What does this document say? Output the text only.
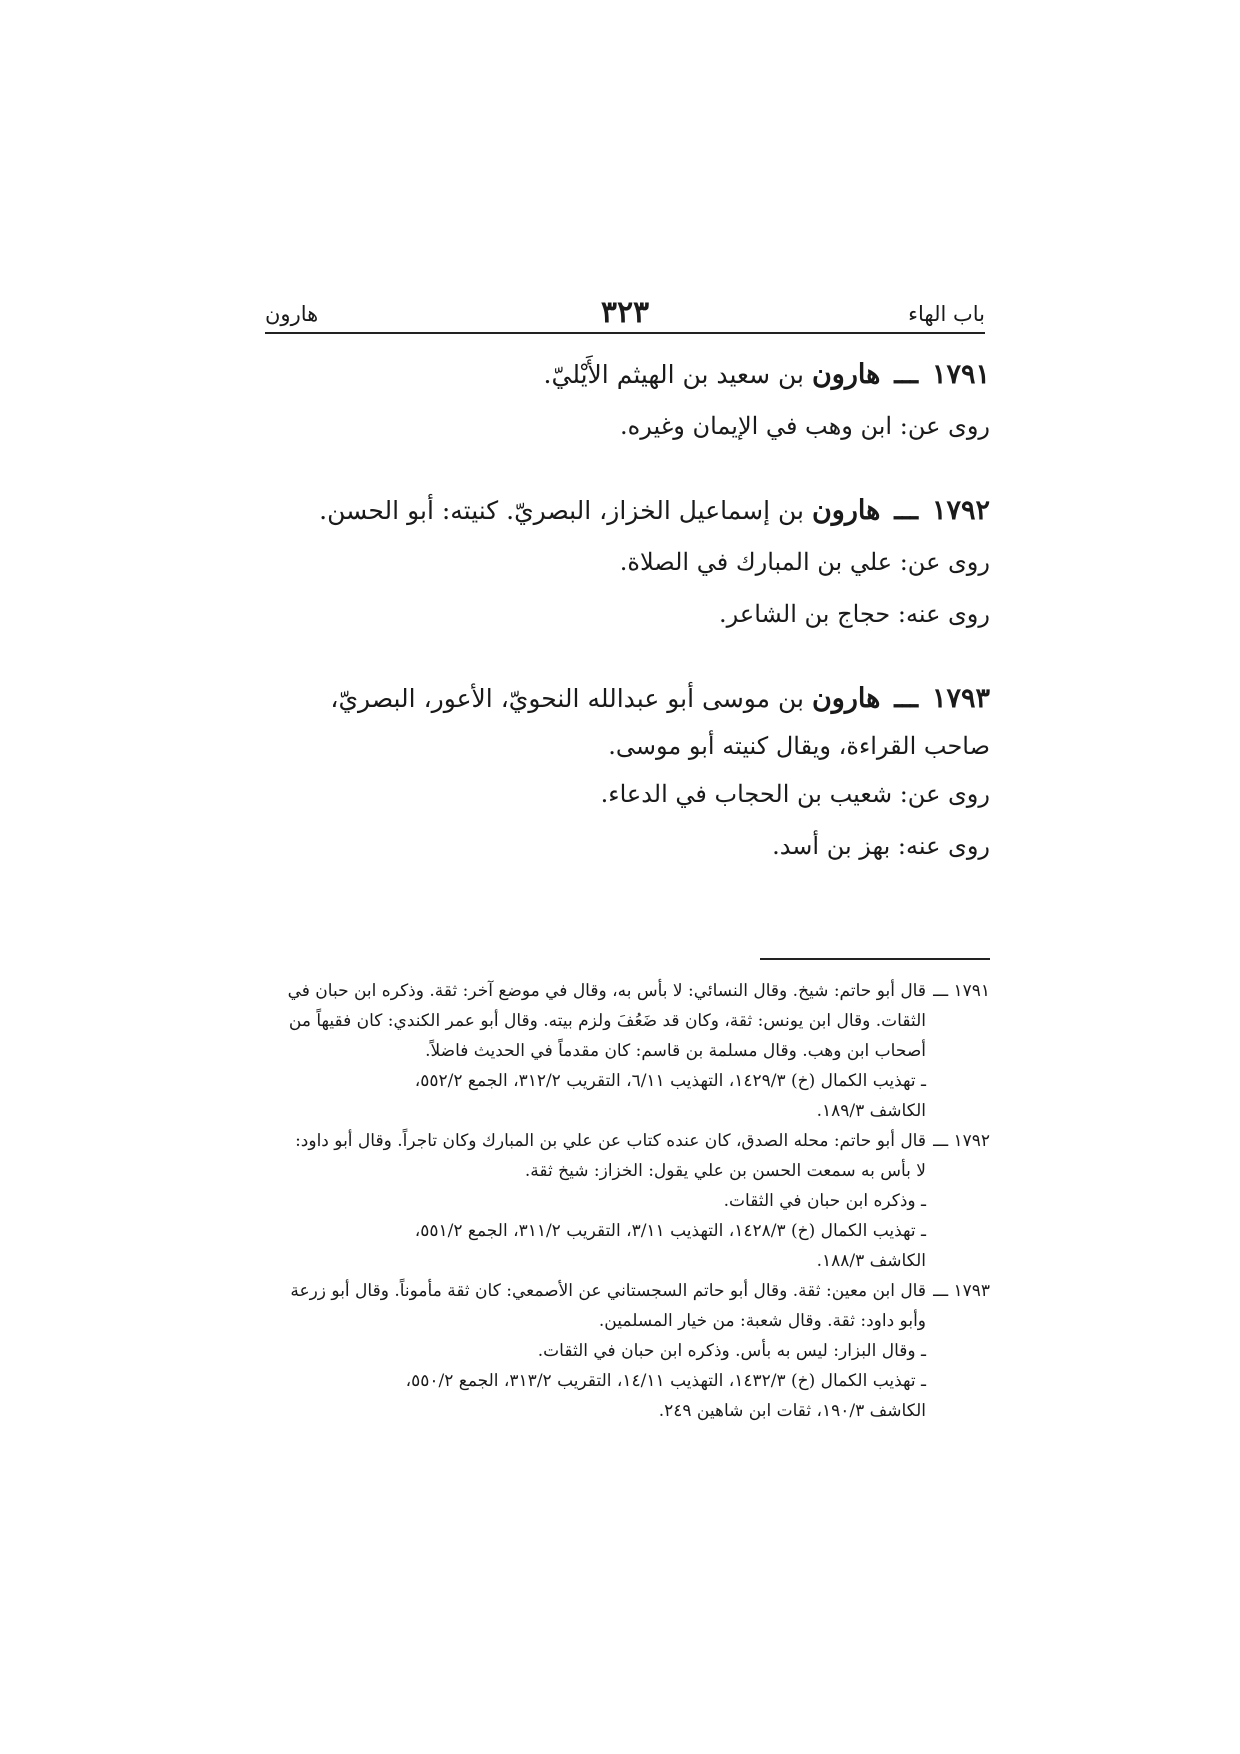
باب الهاء
٣٢٣
هارون
١٧٩١ ـــ هارون بن سعيد بن الهيثم الأَيْليّ.
روى عن: ابن وهب في الإيمان وغيره.
١٧٩٢ ـــ هارون بن إسماعيل الخزاز، البصريّ. كنيته: أبو الحسن.
روى عن: علي بن المبارك في الصلاة.
روى عنه: حجاج بن الشاعر.
١٧٩٣ ـــ هارون بن موسى أبو عبدالله النحويّ، الأعور، البصريّ،
صاحب القراءة، ويقال كنيته أبو موسى.
روى عن: شعيب بن الحجاب في الدعاء.
روى عنه: بهز بن أسد.
١٧٩١ ـــ
قال أبو حاتم: شيخ. وقال النسائي: لا بأس به، وقال في موضع آخر: ثقة. وذكره ابن حبان في
الثقات. وقال ابن يونس: ثقة، وكان قد ضَعُفَ ولزم بيته. وقال أبو عمر الكندي: كان فقيهاً من
أصحاب ابن وهب. وقال مسلمة بن قاسم: كان مقدماً في الحديث فاضلاً.
ـ تهذيب الكمال (خ) ١٤٢٩/٣، التهذيب ٦/١١، التقريب ٣١٢/٢، الجمع ٥٥٢/٢،
الكاشف ١٨٩/٣.
١٧٩٢ ـــ
قال أبو حاتم: محله الصدق، كان عنده كتاب عن علي بن المبارك وكان تاجراً. وقال أبو داود:
لا بأس به سمعت الحسن بن علي يقول: الخزاز: شيخ ثقة.
ـ وذكره ابن حبان في الثقات.
ـ تهذيب الكمال (خ) ١٤٢٨/٣، التهذيب ٣/١١، التقريب ٣١١/٢، الجمع ٥٥١/٢،
الكاشف ١٨٨/٣.
١٧٩٣ ـــ
قال ابن معين: ثقة. وقال أبو حاتم السجستاني عن الأصمعي: كان ثقة مأموناً. وقال أبو زرعة
وأبو داود: ثقة. وقال شعبة: من خيار المسلمين.
ـ وقال البزار: ليس به بأس. وذكره ابن حبان في الثقات.
ـ تهذيب الكمال (خ) ١٤٣٢/٣، التهذيب ١٤/١١، التقريب ٣١٣/٢، الجمع ٥٥٠/٢،
الكاشف ١٩٠/٣، ثقات ابن شاهين ٢٤٩.
